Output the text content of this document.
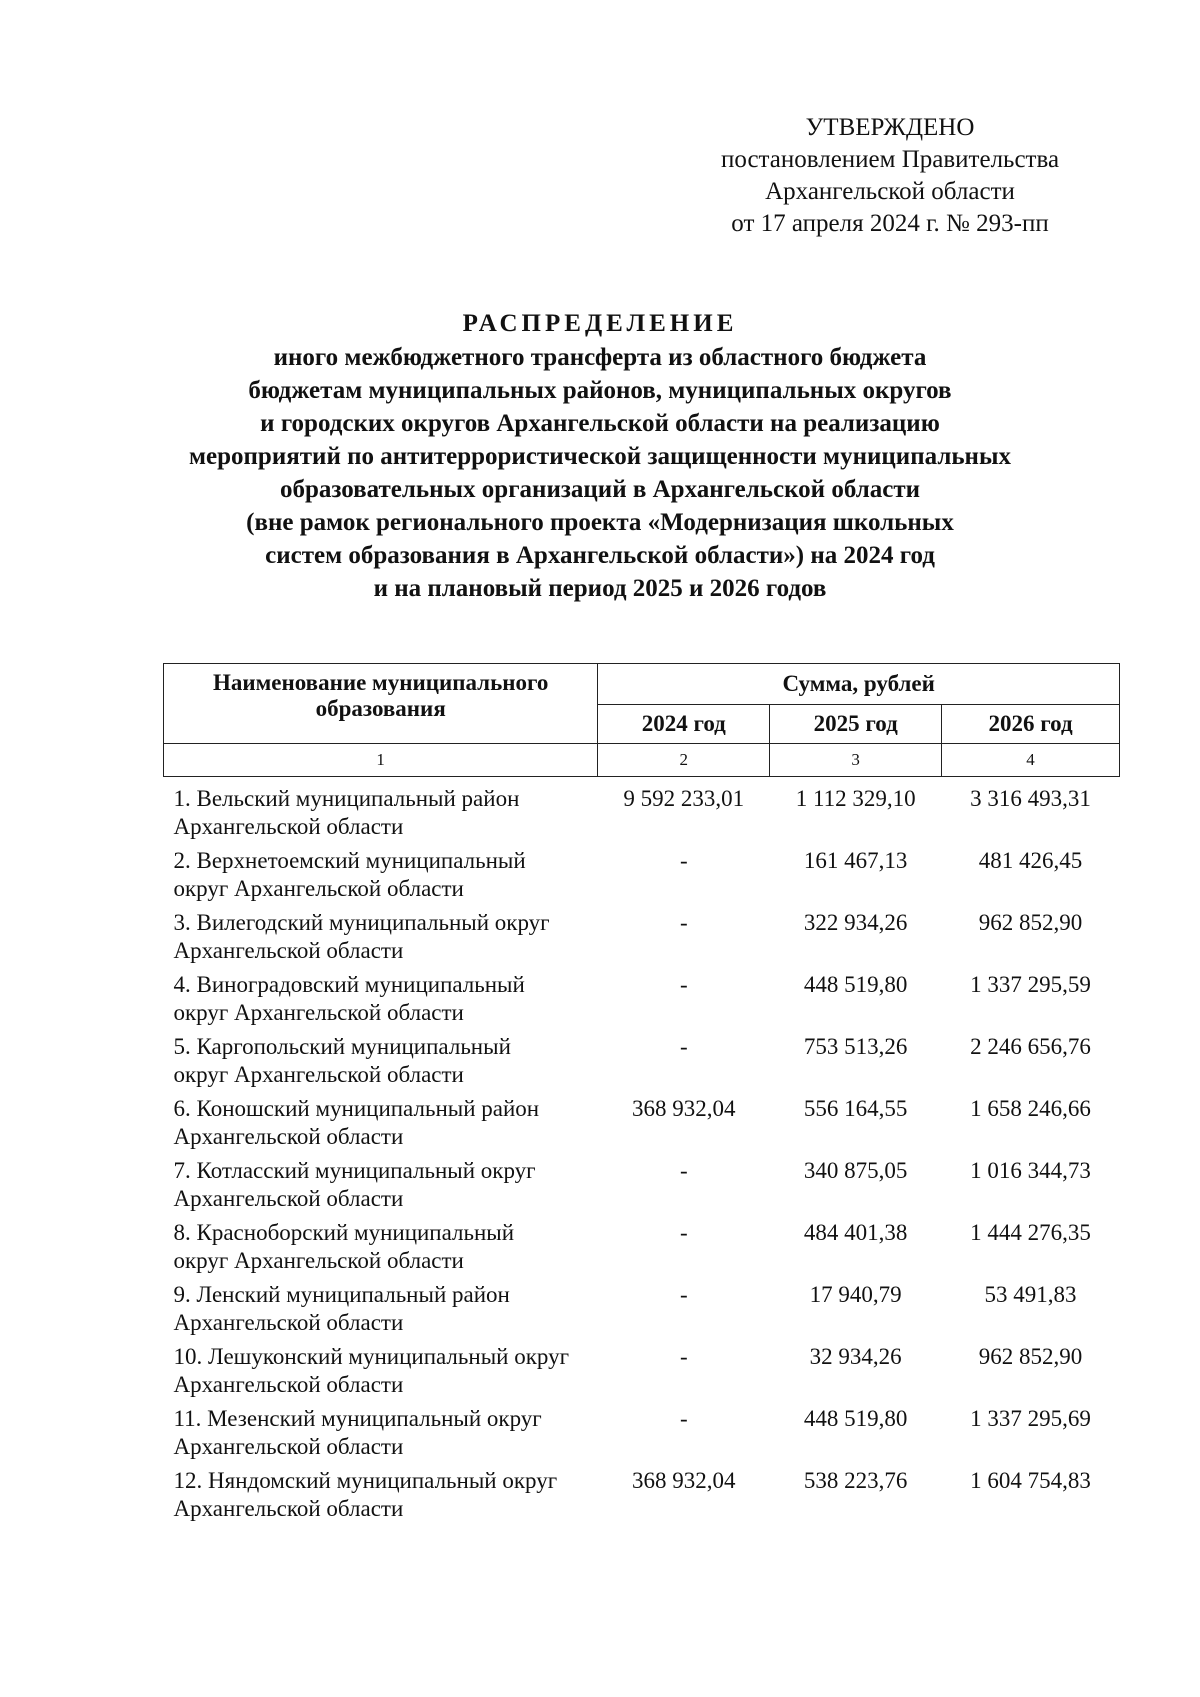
УТВЕРЖДЕНО
постановлением Правительства
Архангельской области
от 17 апреля 2024 г. № 293-пп
РАСПРЕДЕЛЕНИЕ
иного межбюджетного трансферта из областного бюджета
бюджетам муниципальных районов, муниципальных округов
и городских округов Архангельской области на реализацию
мероприятий по антитеррористической защищенности муниципальных
образовательных организаций в Архангельской области
(вне рамок регионального проекта «Модернизация школьных
систем образования в Архангельской области») на 2024 год
и на плановый период 2025 и 2026 годов
Наименование муниципального образования	Сумма, рублей		
	2024 год	2025 год	2026 год
1	2	3	4

1. Вельский муниципальный район
Архангельской области	9 592 233,01	1 112 329,10	3 316 493,31

2. Верхнетоемский муниципальный
округ Архангельской области	-	161 467,13	481 426,45

3. Вилегодский муниципальный округ
Архангельской области	-	322 934,26	962 852,90

4. Виноградовский муниципальный
округ Архангельской области	-	448 519,80	1 337 295,59

5. Каргопольский муниципальный
округ Архангельской области	-	753 513,26	2 246 656,76

6. Коношский муниципальный район
Архангельской области	368 932,04	556 164,55	1 658 246,66

7. Котласский муниципальный округ
Архангельской области	-	340 875,05	1 016 344,73

8. Красноборский муниципальный
округ Архангельской области	-	484 401,38	1 444 276,35

9. Ленский муниципальный район
Архангельской области	-	17 940,79	53 491,83

10. Лешуконский муниципальный округ
Архангельской области	-	32 934,26	962 852,90

11. Мезенский муниципальный округ
Архангельской области	-	448 519,80	1 337 295,69

12. Няндомский муниципальный округ
Архангельской области	368 932,04	538 223,76	1 604 754,83
